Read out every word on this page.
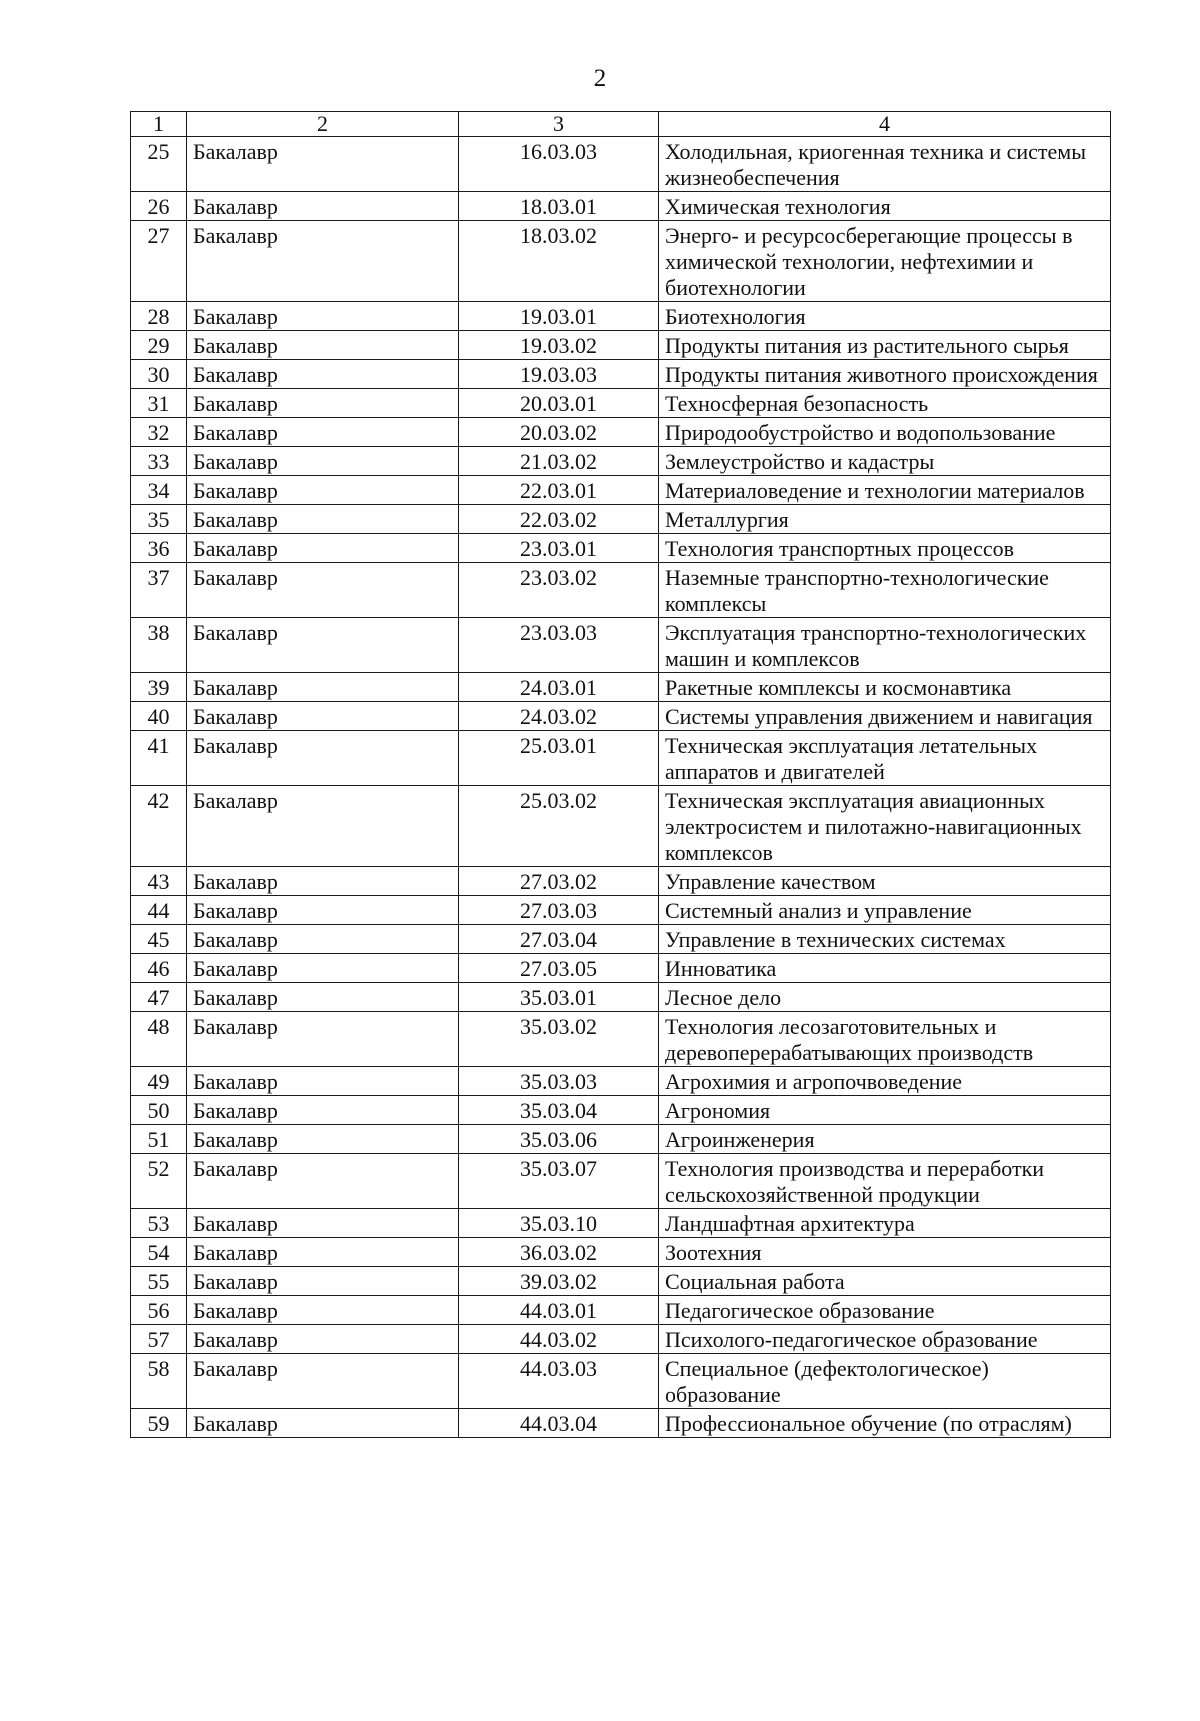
2
1	2	3	4
25	Бакалавр	16.03.03	Холодильная, криогенная техника и системы жизнеобеспечения
26	Бакалавр	18.03.01	Химическая технология
27	Бакалавр	18.03.02	Энерго- и ресурсосберегающие процессы в химической технологии, нефтехимии и биотехнологии
28	Бакалавр	19.03.01	Биотехнология
29	Бакалавр	19.03.02	Продукты питания из растительного сырья
30	Бакалавр	19.03.03	Продукты питания животного происхождения
31	Бакалавр	20.03.01	Техносферная безопасность
32	Бакалавр	20.03.02	Природообустройство и водопользование
33	Бакалавр	21.03.02	Землеустройство и кадастры
34	Бакалавр	22.03.01	Материаловедение и технологии материалов
35	Бакалавр	22.03.02	Металлургия
36	Бакалавр	23.03.01	Технология транспортных процессов
37	Бакалавр	23.03.02	Наземные транспортно-технологические комплексы
38	Бакалавр	23.03.03	Эксплуатация транспортно-технологических машин и комплексов
39	Бакалавр	24.03.01	Ракетные комплексы и космонавтика
40	Бакалавр	24.03.02	Системы управления движением и навигация
41	Бакалавр	25.03.01	Техническая эксплуатация летательных аппаратов и двигателей
42	Бакалавр	25.03.02	Техническая эксплуатация авиационных электросистем и пилотажно-навигационных комплексов
43	Бакалавр	27.03.02	Управление качеством
44	Бакалавр	27.03.03	Системный анализ и управление
45	Бакалавр	27.03.04	Управление в технических системах
46	Бакалавр	27.03.05	Инноватика
47	Бакалавр	35.03.01	Лесное дело
48	Бакалавр	35.03.02	Технология лесозаготовительных и деревоперерабатывающих производств
49	Бакалавр	35.03.03	Агрохимия и агропочвоведение
50	Бакалавр	35.03.04	Агрономия
51	Бакалавр	35.03.06	Агроинженерия
52	Бакалавр	35.03.07	Технология производства и переработки сельскохозяйственной продукции
53	Бакалавр	35.03.10	Ландшафтная архитектура
54	Бакалавр	36.03.02	Зоотехния
55	Бакалавр	39.03.02	Социальная работа
56	Бакалавр	44.03.01	Педагогическое образование
57	Бакалавр	44.03.02	Психолого-педагогическое образование
58	Бакалавр	44.03.03	Специальное (дефектологическое) образование
59	Бакалавр	44.03.04	Профессиональное обучение (по отраслям)
